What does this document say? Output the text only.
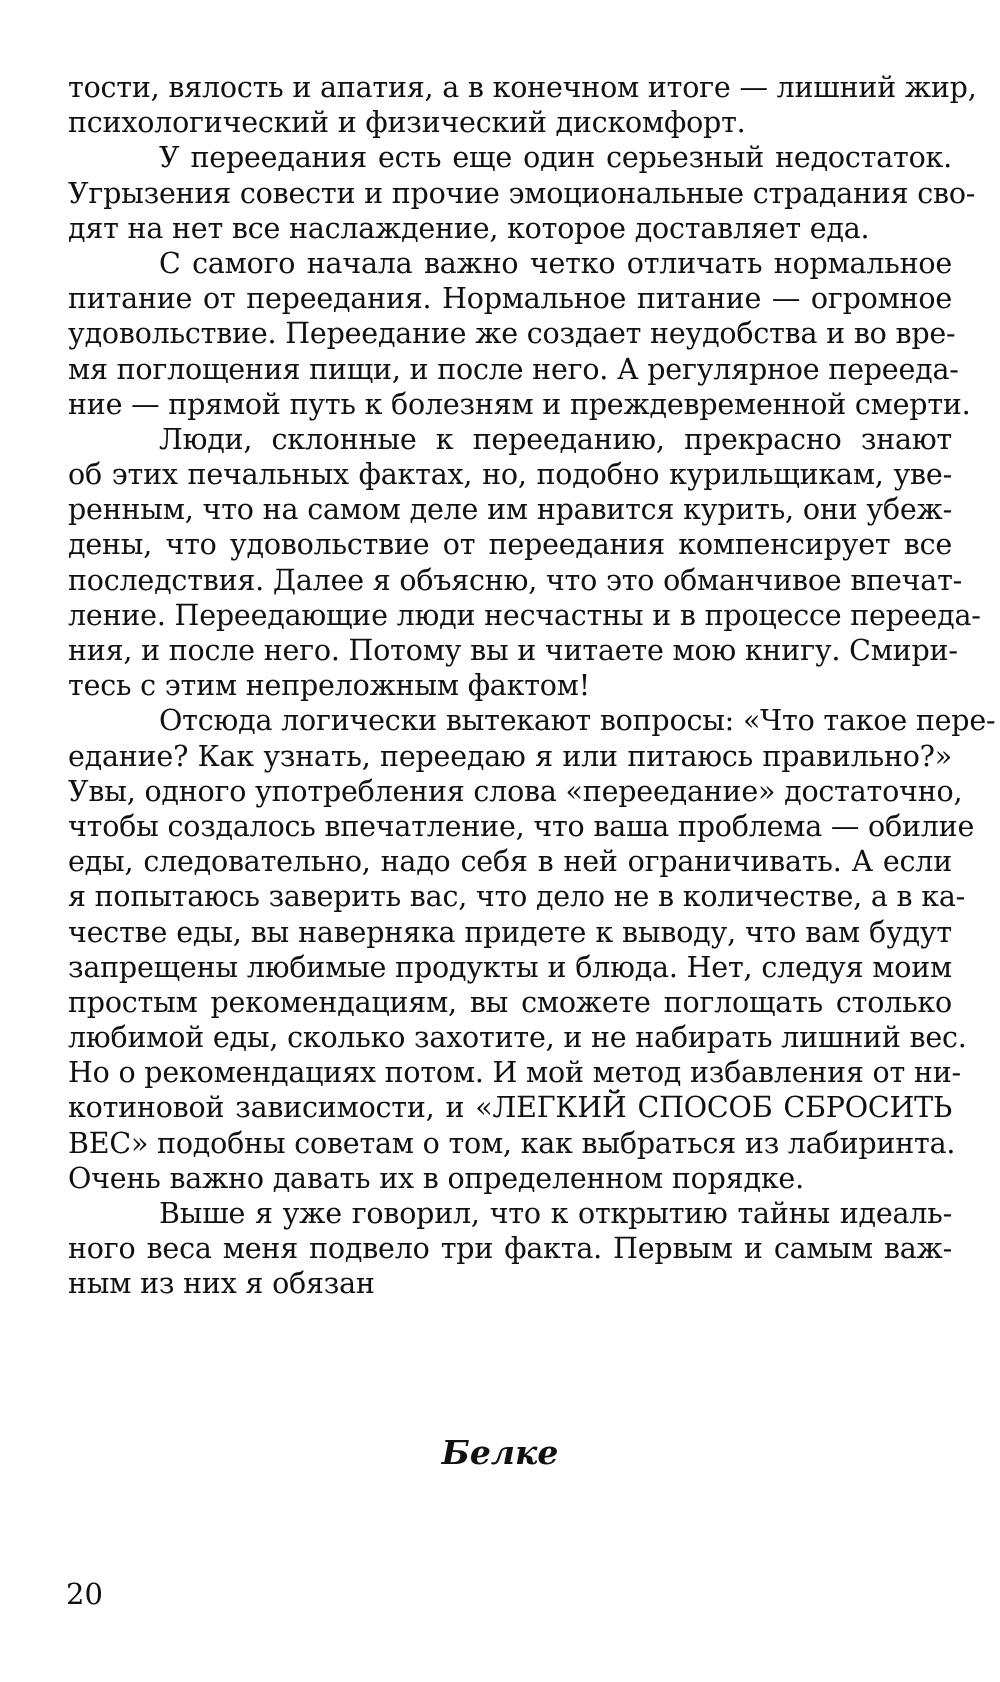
тости, вялость и апатия, а в конечном итоге — лишний жир,
психологический и физический дискомфорт.
У переедания есть еще один серьезный недостаток.
Угрызения совести и прочие эмоциональные страдания сво-
дят на нет все наслаждение, которое доставляет еда.
С самого начала важно четко отличать нормальное
питание от переедания. Нормальное питание — огромное
удовольствие. Переедание же создает неудобства и во вре-
мя поглощения пищи, и после него. А регулярное перееда-
ние — прямой путь к болезням и преждевременной смерти.
Люди, склонные к перееданию, прекрасно знают
об этих печальных фактах, но, подобно курильщикам, уве-
ренным, что на самом деле им нравится курить, они убеж-
дены, что удовольствие от переедания компенсирует все
последствия. Далее я объясню, что это обманчивое впечат-
ление. Переедающие люди несчастны и в процессе перееда-
ния, и после него. Потому вы и читаете мою книгу. Смири-
тесь с этим непреложным фактом!
Отсюда логически вытекают вопросы: «Что такое пере-
едание? Как узнать, переедаю я или питаюсь правильно?»
Увы, одного употребления слова «переедание» достаточно,
чтобы создалось впечатление, что ваша проблема — обилие
еды, следовательно, надо себя в ней ограничивать. А если
я попытаюсь заверить вас, что дело не в количестве, а в ка-
честве еды, вы наверняка придете к выводу, что вам будут
запрещены любимые продукты и блюда. Нет, следуя моим
простым рекомендациям, вы сможете поглощать столько
любимой еды, сколько захотите, и не набирать лишний вес.
Но о рекомендациях потом. И мой метод избавления от ни-
котиновой зависимости, и «ЛЕГКИЙ СПОСОБ СБРОСИТЬ
ВЕС» подобны советам о том, как выбраться из лабиринта.
Очень важно давать их в определенном порядке.
Выше я уже говорил, что к открытию тайны идеаль-
ного веса меня подвело три факта. Первым и самым важ-
ным из них я обязан
Белке
20
